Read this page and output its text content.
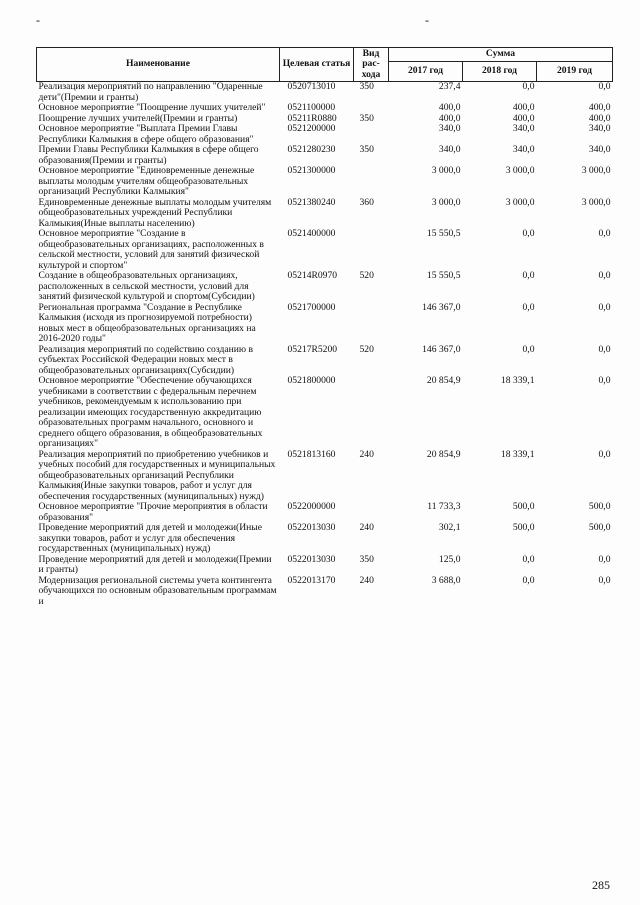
-	-
Наименование	Целевая статья	Вид рас-хода	Сумма		
			2017 год	2018 год	2019 год
Реализация мероприятий по направлению "Одаренные дети"(Премии и гранты)	0520713010	350	237,4	0,0	0,0
Основное мероприятие "Поощрение лучших учителей"	0521100000		400,0	400,0	400,0
Поощрение лучших учителей(Премии и гранты)	05211R0880	350	400,0	400,0	400,0
Основное мероприятие "Выплата Премии Главы Республики Калмыкия в сфере общего образования"	0521200000		340,0	340,0	340,0
Премии Главы Республики Калмыкия в сфере общего образования(Премии и гранты)	0521280230	350	340,0	340,0	340,0
Основное мероприятие "Единовременные денежные выплаты молодым учителям общеобразовательных организаций Республики Калмыкия"	0521300000		3 000,0	3 000,0	3 000,0
Единовременные денежные выплаты молодым учителям общеобразовательных учреждений Республики Калмыкия(Иные выплаты населению)	0521380240	360	3 000,0	3 000,0	3 000,0
Основное мероприятие "Создание в общеобразовательных организациях, расположенных в сельской местности, условий для занятий физической культурой и спортом"	0521400000		15 550,5	0,0	0,0
Создание в общеобразовательных организациях, расположенных в сельской местности, условий для занятий физической культурой и спортом(Субсидии)	05214R0970	520	15 550,5	0,0	0,0
Региональная программа "Создание в Республике Калмыкия (исходя из прогнозируемой потребности) новых мест в общеобразовательных организациях на 2016-2020 годы"	0521700000		146 367,0	0,0	0,0
Реализация мероприятий по содействию созданию в субъектах Российской Федерации новых мест в общеобразовательных организациях(Субсидии)	05217R5200	520	146 367,0	0,0	0,0
Основное мероприятие "Обеспечение обучающихся учебниками в соответствии с федеральным перечнем учебников, рекомендуемым к использованию при реализации имеющих государственную аккредитацию образовательных программ начального, основного и среднего общего образования, в общеобразовательных организациях"	0521800000		20 854,9	18 339,1	0,0
Реализация мероприятий по приобретению учебников и учебных пособий для государственных и муниципальных общеобразовательных организаций Республики Калмыкия(Иные закупки товаров, работ и услуг для обеспечения государственных (муниципальных) нужд)	0521813160	240	20 854,9	18 339,1	0,0
Основное мероприятие "Прочие мероприятия в области образования"	0522000000		11 733,3	500,0	500,0
Проведение мероприятий для детей и молодежи(Иные закупки товаров, работ и услуг для обеспечения государственных (муниципальных) нужд)	0522013030	240	302,1	500,0	500,0
Проведение мероприятий для детей и молодежи(Премии и гранты)	0522013030	350	125,0	0,0	0,0
Модернизация региональной системы учета контингента обучающихся по основным образовательным программам и	0522013170	240	3 688,0	0,0	0,0
285
